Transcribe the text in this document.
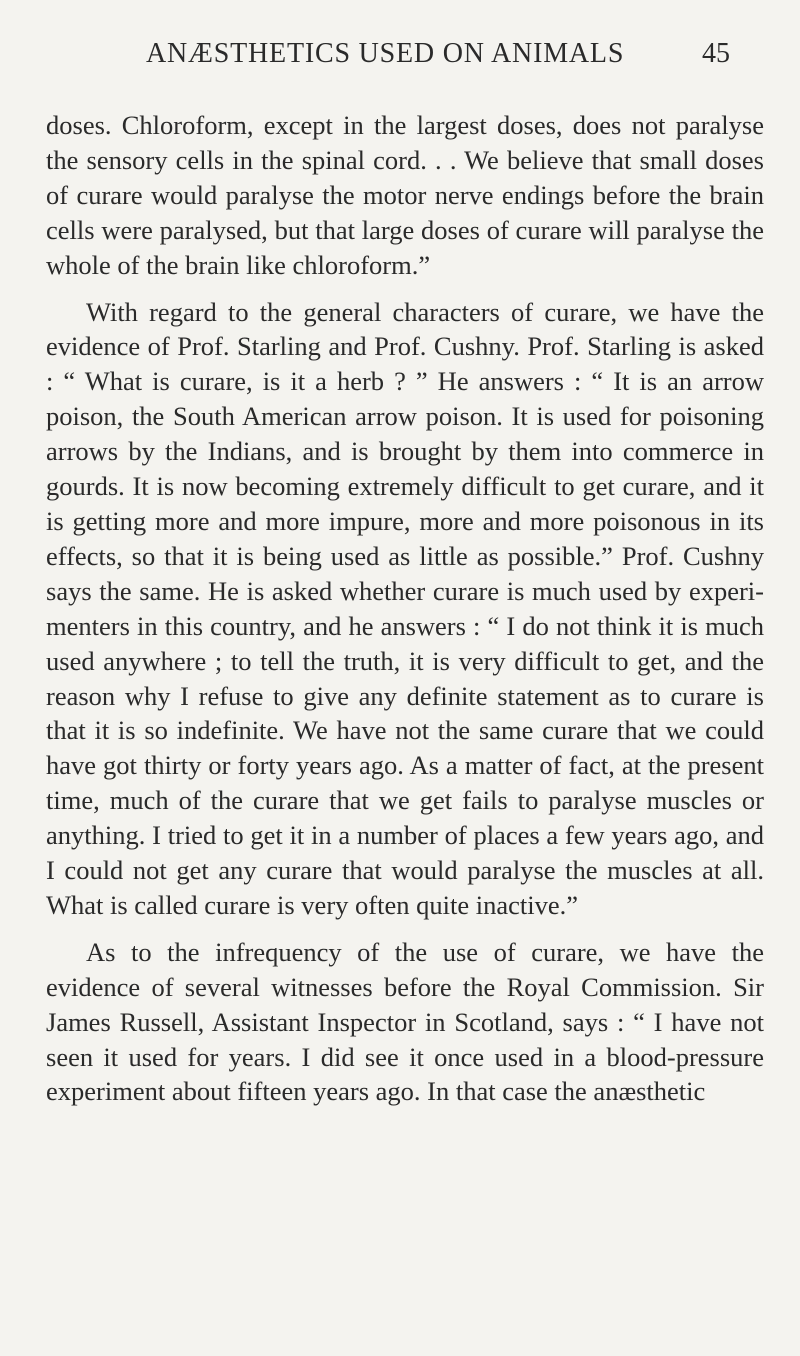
ANÆSTHETICS USED ON ANIMALS	45

doses. Chloroform, except in the largest doses, does not paralyse the sensory cells in the spinal cord. . . We believe that small doses of curare would paralyse the motor nerve endings before the brain cells were paralysed, but that large doses of curare will paralyse the whole of the brain like chloroform.”

With regard to the general characters of curare, we have the evidence of Prof. Starling and Prof. Cushny. Prof. Starling is asked : “ What is curare, is it a herb ? ” He answers : “ It is an arrow poison, the South American arrow poison. It is used for poisoning arrows by the Indians, and is brought by them into commerce in gourds. It is now becoming extremely difficult to get curare, and it is getting more and more impure, more and more poisonous in its effects, so that it is being used as little as possible.” Prof. Cushny says the same. He is asked whether curare is much used by experi- menters in this country, and he answers : “ I do not think it is much used anywhere ; to tell the truth, it is very difficult to get, and the reason why I refuse to give any definite statement as to curare is that it is so indefinite. We have not the same curare that we could have got thirty or forty years ago. As a matter of fact, at the present time, much of the curare that we get fails to paralyse muscles or anything. I tried to get it in a number of places a few years ago, and I could not get any curare that would paralyse the muscles at all. What is called curare is very often quite inactive.”

As to the infrequency of the use of curare, we have the evidence of several witnesses before the Royal Commission. Sir James Russell, Assistant Inspector in Scotland, says : “ I have not seen it used for years. I did see it once used in a blood-pressure experiment about fifteen years ago. In that case the anæsthetic
